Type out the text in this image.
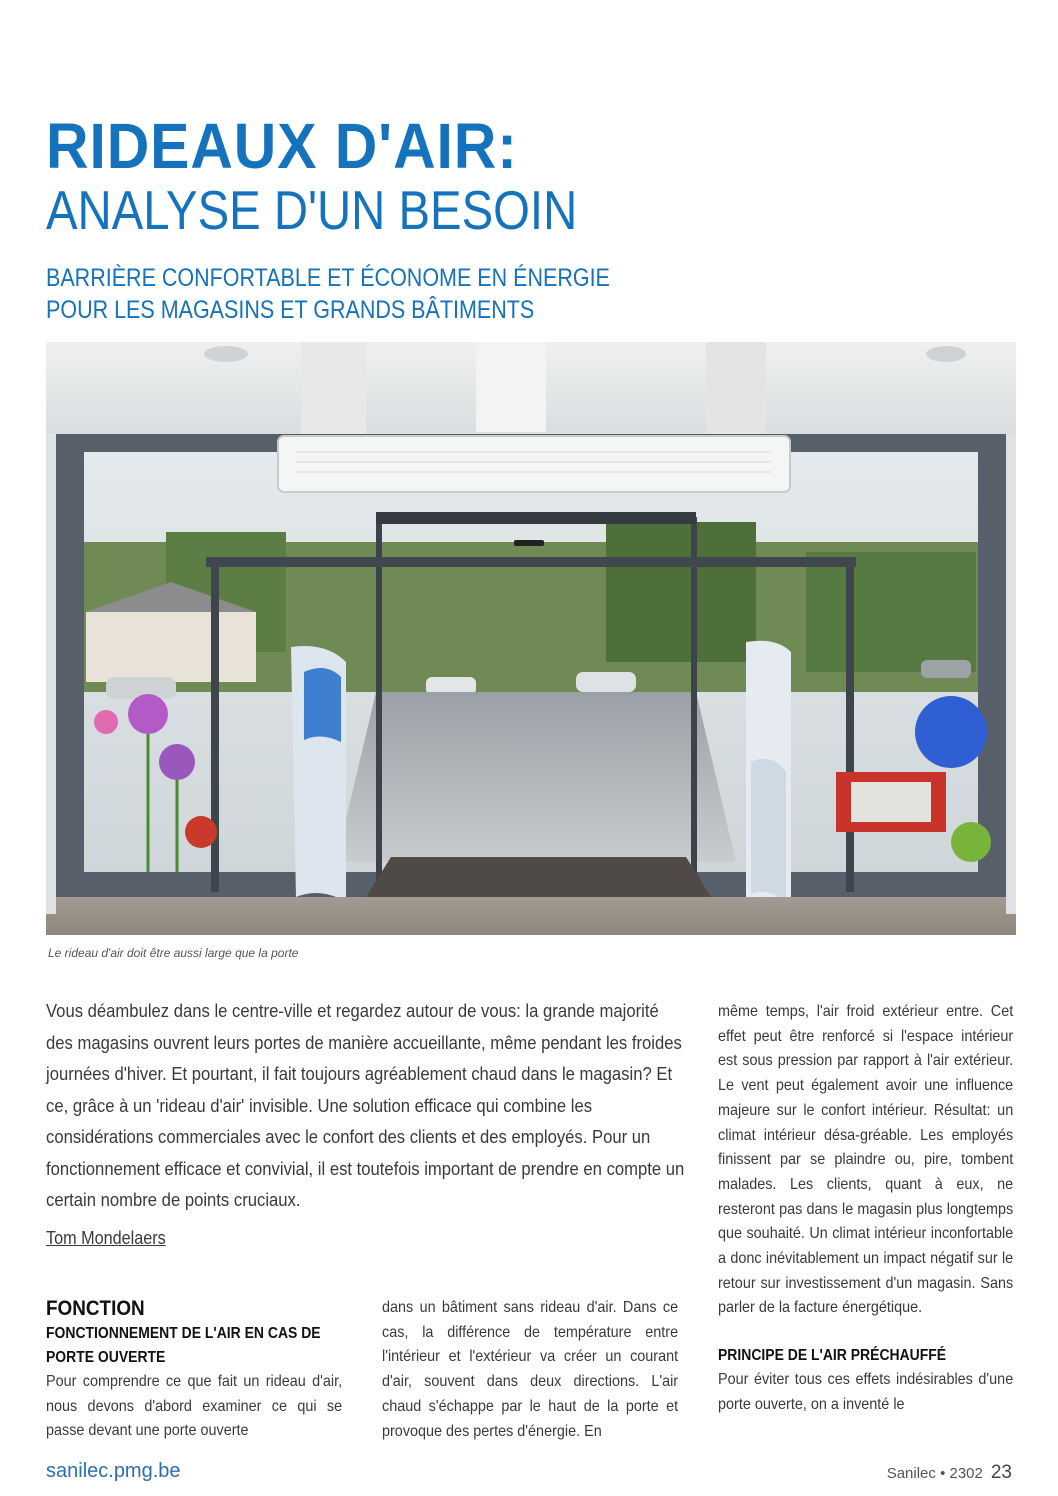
RIDEAUX D'AIR:
ANALYSE D'UN BESOIN
BARRIÈRE CONFORTABLE ET ÉCONOME EN ÉNERGIE
POUR LES MAGASINS ET GRANDS BÂTIMENTS
Le rideau d'air doit être aussi large que la porte

Vous déambulez dans le centre-ville et regardez autour de vous: la grande majorité des magasins ouvrent leurs portes de manière accueillante, même pendant les froides journées d'hiver. Et pourtant, il fait toujours agréablement chaud dans le magasin? Et ce, grâce à un 'rideau d'air' invisible. Une solution efficace qui combine les considérations commerciales avec le confort des clients et des employés. Pour un fonctionnement efficace et convivial, il est toutefois important de prendre en compte un certain nombre de points cruciaux.

Tom Mondelaers
FONCTION
FONCTIONNEMENT DE L'AIR EN CAS DE PORTE OUVERTE
Pour comprendre ce que fait un rideau d'air, nous devons d'abord examiner ce qui se passe devant une porte ouverte
dans un bâtiment sans rideau d'air. Dans ce cas, la différence de température entre l'intérieur et l'extérieur va créer un courant d'air, souvent dans deux directions. L'air chaud s'échappe par le haut de la porte et provoque des pertes d'énergie. En
même temps, l'air froid extérieur entre. Cet effet peut être renforcé si l'espace intérieur est sous pression par rapport à l'air extérieur. Le vent peut également avoir une influence majeure sur le confort intérieur. Résultat: un climat intérieur désa-gréable. Les employés finissent par se plaindre ou, pire, tombent malades. Les clients, quant à eux, ne resteront pas dans le magasin plus longtemps que souhaité. Un climat intérieur inconfortable a donc inévitablement un impact négatif sur le retour sur investissement d'un magasin. Sans parler de la facture énergétique.
PRINCIPE DE L'AIR PRÉCHAUFFÉ
Pour éviter tous ces effets indésirables d'une porte ouverte, on a inventé le
sanilec.pmg.be	Sanilec • 2302 23
